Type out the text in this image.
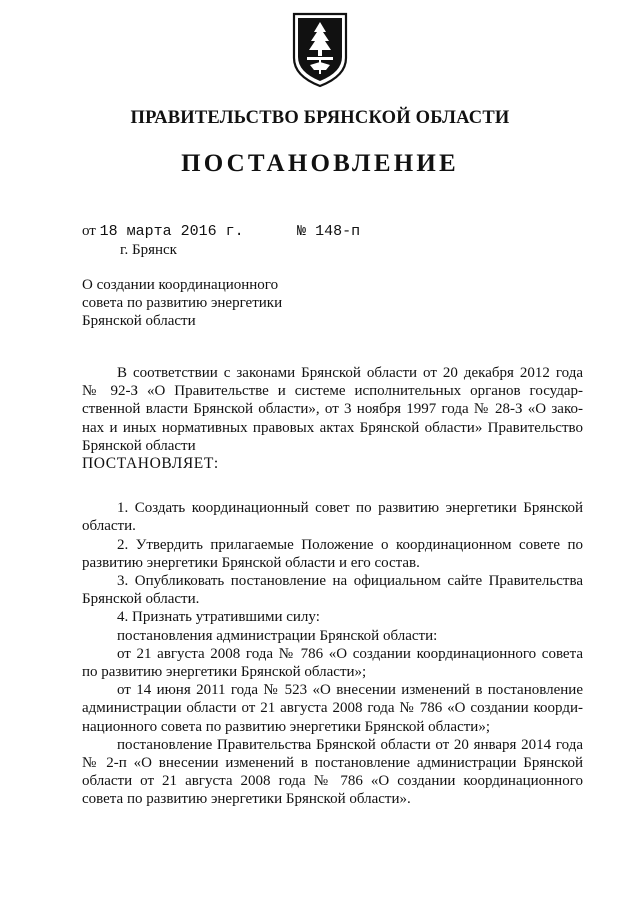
ПРАВИТЕЛЬСТВО БРЯНСКОЙ ОБЛАСТИ
ПОСТАНОВЛЕНИЕ
от 18 марта 2016 г.	№ 148-п
г. Брянск
О создании координационного
совета по развитию энергетики
Брянской области
В соответствии с законами Брянской области от 20 декабря 2012 года
№ 92-З «О Правительстве и системе исполнительных органов государ-
ственной власти Брянской области», от 3 ноября 1997 года № 28-З «О зако-
нах и иных нормативных правовых актах Брянской области» Правительство
Брянской области
ПОСТАНОВЛЯЕТ:
1. Создать координационный совет по развитию энергетики Брянской
области.
2. Утвердить прилагаемые Положение о координационном совете по
развитию энергетики Брянской области и его состав.
3. Опубликовать постановление на официальном сайте Правительства
Брянской области.
4. Признать утратившими силу:
постановления администрации Брянской области:
от 21 августа 2008 года № 786 «О создании координационного совета
по развитию энергетики Брянской области»;
от 14 июня 2011 года № 523 «О внесении изменений в постановление
администрации области от 21 августа 2008 года № 786 «О создании коорди-
национного совета по развитию энергетики Брянской области»;
постановление Правительства Брянской области от 20 января 2014 года
№ 2-п «О внесении изменений в постановление администрации Брянской
области от 21 августа 2008 года № 786 «О создании координационного
совета по развитию энергетики Брянской области».
